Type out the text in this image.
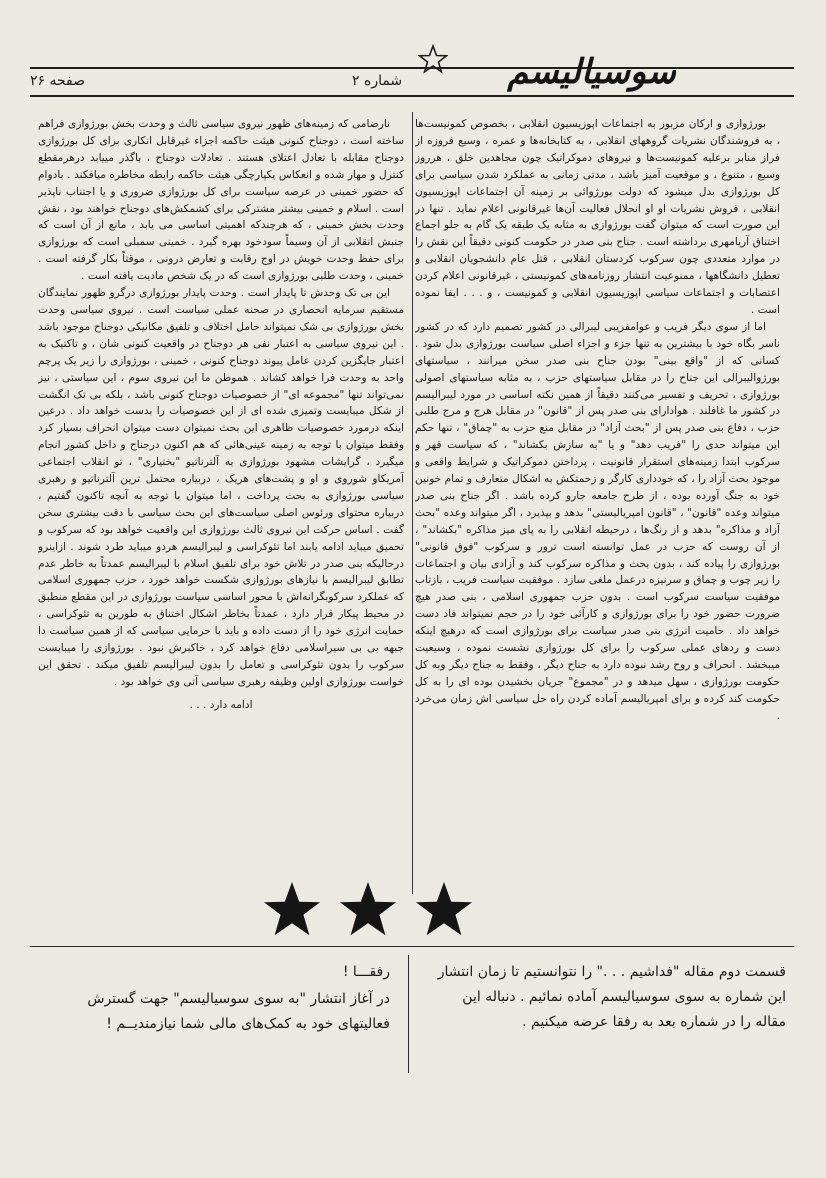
سوسیالیسم
شماره ۲
صفحه ۲۶

بورژوازی و ارکان مزبور به اجتماعات اپوزیسیون انقلابی ، بخصوص کمونیست‌ها ، به فروشندگان نشریات گروههای انقلابی ، به کتابخانه‌ها و عمره ، وسیع فروزه از فراز منابر برعلیه کمونیست‌ها و نیروهای دموکراتیک چون مجاهدین خلق ، هرروز وسیع ، متنوع ، و موقعیت آمیز باشد ، مدتی زمانی به عملکرد شدن سیاسی برای کل بورژوازی بدل میشود که دولت بورژوائی بر زمینه آن اجتماعات اپوزیسیون انقلابی ، فروش نشریات او او انحلال فعالیت آن‌ها غیرقانونی اعلام نماید . تنها در این صورت است که میتوان گفت بورژوازی به مثابه یک طبقه یک گام به جلو اجماع اختناق آریامهری برداشته است . جناح بنی صدر در حکومت کنونی دقیقاً این نقش را در موارد متعددی چون سرکوب کردستان انقلابی ، قتل عام دانشجویان انقلابی و تعطیل دانشگاهها ، ممنوعیت انتشار روزنامه‌های کمونیستی ، غیرقانونی اعلام کردن اعتصابات و اجتماعات سیاسی اپوزیسیون انقلابی و کمونیست ، و . . . ایفا نموده است .

اما از سوی دیگر فریب و عوامفریبی لیبرالی در کشور تصمیم دارد که در کشور ناسر بگاه خود با بیشترین به تنها جزء و اجزاء اصلی سیاست بورژوازی بدل شود . کسانی که از "واقع بینی" بودن جناح بنی صدر سخن میرانند ، سیاستهای بورژوالیبرالی این جناح را در مقابل سیاستهای حزب ، به مثابه سیاستهای اصولی بورژوازی ، تحریف و تفسیر می‌کنند دقیقاً از همین نکته اساسی در مورد لیبرالیسم در کشور ما غافلند . هوادارای بنی صدر پس از "قانون" در مقابل هرج و مرج طلبی حزب ، دفاع بنی صدر پس از "بحث آزاد" در مقابل منع حزب به "چماق" ، تنها حکم این میتواند حدی را "فریب دهد" و یا "به سازش بکشاند" ، که سیاست قهر و سرکوب ابتدا زمینه‌های استقرار قانونیت ، پرداختن دموکراتیک و شرایط واقعی و موجود بحث آزاد را ، که خودداری کارگر و زحمتکش به اشکال متعارف و تمام خونین خود به جنگ آورده بوده ، از طرح جامعه جارو کرده باشد . اگر جناح بنی صدر میتواند وعده "قانون" ، "قانون امپریالیستی" بدهد و بپذیرد ، اگر میتواند وعده "بحث آزاد و مذاکره" بدهد و از رنگ‌ها ، درحیطه انقلابی را به پای میز مذاکره "بکشاند" ، از آن روست که حزب در عمل توانسته است ترور و سرکوب "فوق قانونی" بورژوازی را پیاده کند ، بدون بحث و مذاکره سرکوب کند و آزادی بیان و اجتماعات را زیر چوب و چماق و سرنیزه درعمل ملغی سازد . موفقیت سیاست فریب ، بازتاب موفقیت سیاست سرکوب است . بدون حزب جمهوری اسلامی ، بنی صدر هیچ ضرورت حضور خود را برای بورژوازی و کارآئی خود را در حجم نمیتواند فاد دست خواهد داد . حامیت انرژی بنی صدر سیاست برای بورژوازی است که درهیچ اینکه دست و ردهای عملی سرکوب را برای کل بورژوازی نشست نموده ، وسیعیت میبخشد . انحراف و روح رشد نبوده دارد به جناح دیگر ، وفقط به جناح دیگر وبه کل حکومت بورژوازی ، سهل میدهد و در "مجموع" جریان بخشیدن بوده ای را به کل حکومت کند کرده و برای امپریالیسم آماده کردن راه حل سیاسی اش زمان می‌خرد .

نارضامی که زمینه‌های ظهور نیروی سیاسی ثالث و وحدت بخش بورژوازی فراهم ساخته است ، دوجناح کنونی هیئت حاکمه اجزاء غیرقابل انکاری برای کل بورژوازی دوجناح مقابله با تعادل اعتلای هستند . تعادلات دوجناح ، باگذر مییابد درهرمقطع کنترل و مهار شده و انعکاس یکپارچگی هیئت حاکمه رابطه مخاطره میافکند . بادوام که حضور خمینی در عرصه سیاست برای کل بورژوازی ضروری و یا اجتناب ناپذیر است . اسلام و خمینی بیشتر مشترکی برای کشمکش‌های دوجناح خواهند بود ، نقش وحدت بخش خمینی ، که هرچندکه اهمیتی اساسی می یابد ، مانع از آن است که جنبش انقلابی از آن وسیماً سودخود بهره گیرد . خمینی سمبلی است که بورژوازی برای حفظ وحدت خویش در اوج رقابت و تعارض درونی ، موقتاً بکار گرفته است . خمینی ، وحدت طلبی بورژوازی است که در یک شخص مادیت یافته است .

این بی تک وحدش تا پایدار است . وحدت پایدار بورژوازی درگرو ظهور نمایندگان مستقیم سرمایه انحصاری در صحنه عملی سیاست است . نیروی سیاسی وحدت بخش بورژوازی بی شک نمیتواند حامل اختلاف و تلفیق مکانیکی دوجناح موجود باشد . این نیروی سیاسی به اعتبار نفی هر دوجناح در واقعیت کنونی شان ، و تاکتیک به اعتبار جایگزین کردن عامل پیوند دوجناح کنونی ، خمینی ، بورژوازی را زیر یک پرچم واحد به وحدت فرا خواهد کشاند . هموطن ما این نیروی سوم ، این سیاستی ، نیز نمی‌تواند تنها "مجموعه ای" از خصوصیات دوجناح کنونی باشد ، بلکه بی تک انگشت از شکل میبایست وتمیزی شده ای از این خصوصیات را بدست خواهد داد . درعین اینکه درمورد خصوصیات ظاهری این بحث نمیتوان دست میتوان انحراف بسیار کرد وفقط میتوان با توجه به زمینه عینی‌هائی که هم اکنون درجناح و داخل کشور انجام میگیرد ، گرایشات مشهود بورژوازی به آلترناتیو "بختیاری" ، تو انقلاب اجتماعی آمریکاو شوروی و او و پشت‌های هریک ، دربیاره محتمل ترین آلترناتیو و رهبری سیاسی بورژوازی به بحث پرداخت ، اما میتوان با توجه به آنچه تاکنون گفتیم ، دربیاره محتوای ورئوس اصلی سیاست‌های این بحث سیاسی با دقت بیشتری سخن گفت . اساس حرکت این نیروی ثالث بورژوازی این واقعیت خواهد بود که سرکوب و تحمیق میباید ادامه یابند اما تئوکراسی و لیبرالیسم هردو میباید طرد شوند . ازاینرو درحالیکه بنی صدر در تلاش خود برای تلفیق اسلام با لیبرالیسم عمدتاً به خاطر عدم تطابق لیبرالیسم با نیازهای بورژوازی شکست خواهد خورد ، حزب جمهوری اسلامی که عملکرد سرکوبگرانه‌اش با محور اساسی سیاست بورژوازی در این مقطع منطبق در محیط پیکار قرار دارد ، عمدتاً بخاطر اشکال اختناق به طورین به تئوکراسی ، حمایت انرژی خود را از دست داده و باید با حرمایی سیاسی که از همین سیاست دا جبهه بی بی سیراسلامی دفاع خواهد کرد ، خاکبرش نبود . بورژوازی را میبایست سرکوب را بدون تئوکراسی و تعامل را بدون لیبرالیسم تلفیق میکند . تحقق این خواست بورژوازی اولین وظیفه رهبری سیاسی آتی وی خواهد بود .

ادامه دارد . . .
قسمت دوم مقاله "فداشیم . . ." را نتوانستیم تا زمان انتشار این شماره به سوی سوسیالیسم آماده نمائیم . دنباله این مقاله را در شماره بعد به رفقا عرضه میکنیم .
رفقـــا !
در آغاز انتشار "به سوی سوسیالیسم" جهت گسترش فعالیتهای خود به کمک‌های مالی شما نیازمندیــم !
